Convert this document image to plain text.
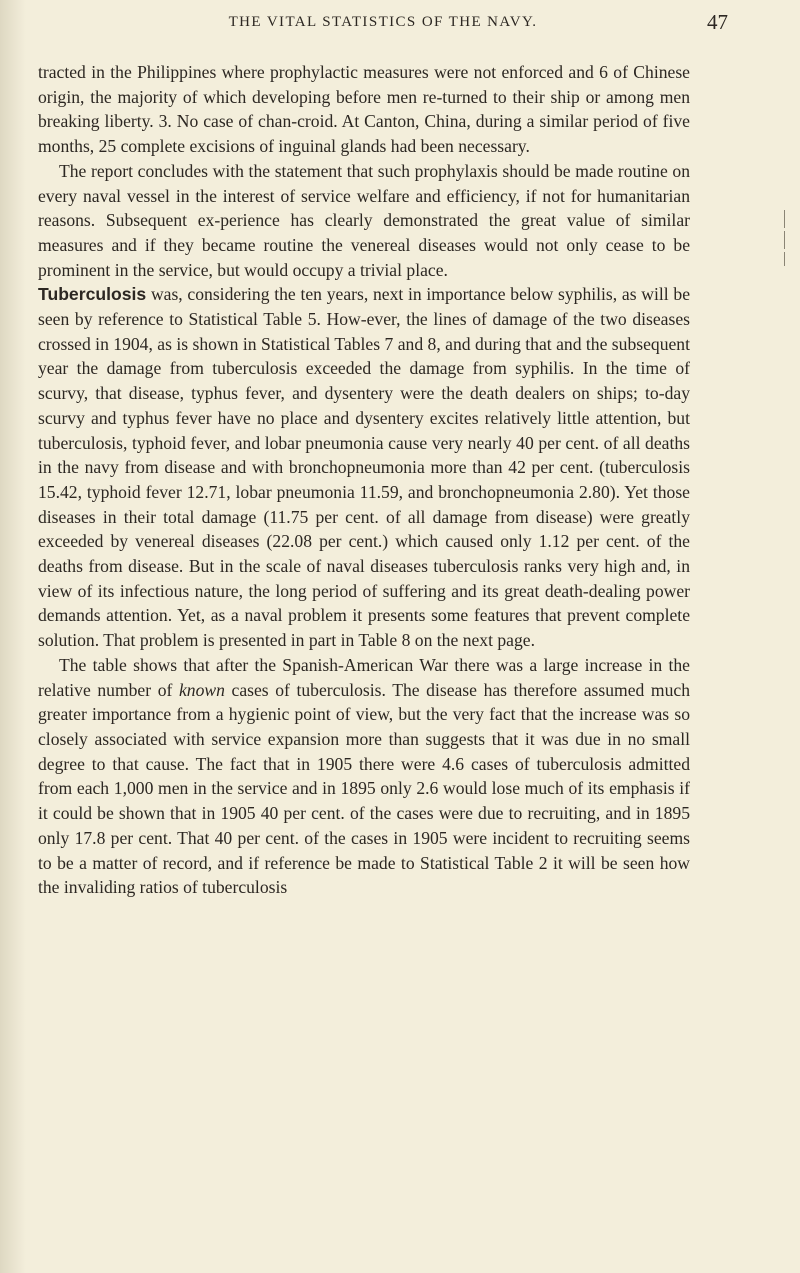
THE VITAL STATISTICS OF THE NAVY.	47

tracted in the Philippines where prophylactic measures were not enforced and 6 of Chinese origin, the majority of which developing before men re-turned to their ship or among men breaking liberty. 3. No case of chan-croid. At Canton, China, during a similar period of five months, 25 complete excisions of inguinal glands had been necessary.

The report concludes with the statement that such prophylaxis should be made routine on every naval vessel in the interest of service welfare and efficiency, if not for humanitarian reasons. Subsequent ex-perience has clearly demonstrated the great value of similar measures and if they became routine the venereal diseases would not only cease to be prominent in the service, but would occupy a trivial place.

Tuberculosis was, considering the ten years, next in importance below syphilis, as will be seen by reference to Statistical Table 5. How-ever, the lines of damage of the two diseases crossed in 1904, as is shown in Statistical Tables 7 and 8, and during that and the subsequent year the damage from tuberculosis exceeded the damage from syphilis. In the time of scurvy, that disease, typhus fever, and dysentery were the death dealers on ships; to-day scurvy and typhus fever have no place and dysentery excites relatively little attention, but tuberculosis, typhoid fever, and lobar pneumonia cause very nearly 40 per cent. of all deaths in the navy from disease and with bronchopneumonia more than 42 per cent. (tuberculosis 15.42, typhoid fever 12.71, lobar pneumonia 11.59, and bronchopneumonia 2.80). Yet those diseases in their total damage (11.75 per cent. of all damage from disease) were greatly exceeded by venereal diseases (22.08 per cent.) which caused only 1.12 per cent. of the deaths from disease. But in the scale of naval diseases tuberculosis ranks very high and, in view of its infectious nature, the long period of suffering and its great death-dealing power demands attention. Yet, as a naval problem it presents some features that prevent complete solution. That problem is presented in part in Table 8 on the next page.

The table shows that after the Spanish-American War there was a large increase in the relative number of known cases of tuberculosis. The disease has therefore assumed much greater importance from a hygienic point of view, but the very fact that the increase was so closely associated with service expansion more than suggests that it was due in no small degree to that cause. The fact that in 1905 there were 4.6 cases of tuberculosis admitted from each 1,000 men in the service and in 1895 only 2.6 would lose much of its emphasis if it could be shown that in 1905 40 per cent. of the cases were due to recruiting, and in 1895 only 17.8 per cent. That 40 per cent. of the cases in 1905 were incident to recruiting seems to be a matter of record, and if reference be made to Statistical Table 2 it will be seen how the invaliding ratios of tuberculosis
